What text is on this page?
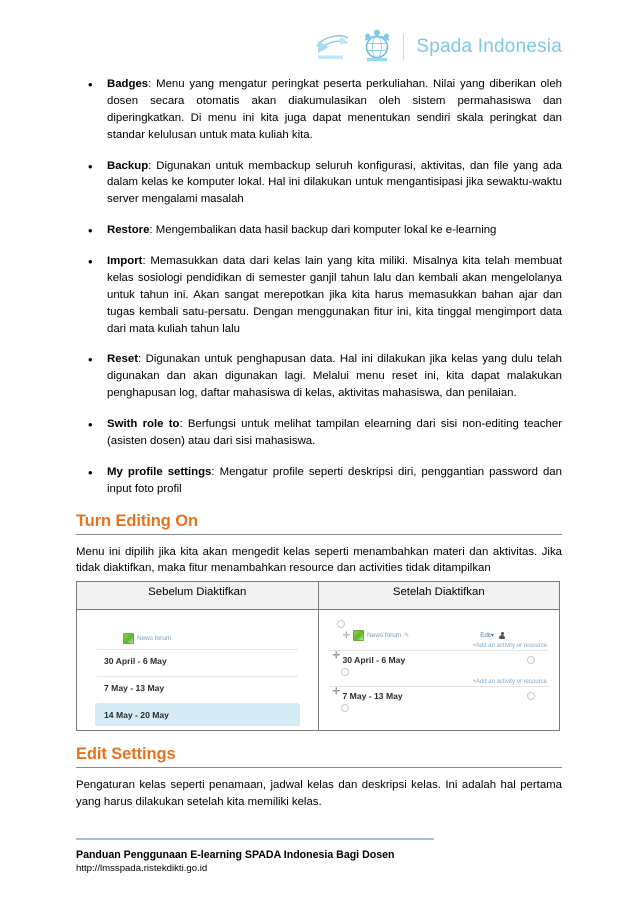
Spada Indonesia
• Badges: Menu yang mengatur peringkat peserta perkuliahan. Nilai yang diberikan oleh dosen secara otomatis akan diakumulasikan oleh sistem permahasiswa dan diperingkatkan. Di menu ini kita juga dapat menentukan sendiri skala peringkat dan standar kelulusan untuk mata kuliah kita.
• Backup: Digunakan untuk membackup seluruh konfigurasi, aktivitas, dan file yang ada dalam kelas ke komputer lokal. Hal ini dilakukan untuk mengantisipasi jika sewaktu-waktu server mengalami masalah
• Restore: Mengembalikan data hasil backup dari komputer lokal ke e-learning
• Import: Memasukkan data dari kelas lain yang kita miliki. Misalnya kita telah membuat kelas sosiologi pendidikan di semester ganjil tahun lalu dan kembali akan mengelolanya untuk tahun ini. Akan sangat merepotkan jika kita harus memasukkan bahan ajar dan tugas kembali satu-persatu. Dengan menggunakan fitur ini, kita tinggal mengimport data dari mata kuliah tahun lalu
• Reset: Digunakan untuk penghapusan data. Hal ini dilakukan jika kelas yang dulu telah digunakan dan akan digunakan lagi. Melalui menu reset ini, kita dapat malakukan penghapusan log, daftar mahasiswa di kelas, aktivitas mahasiswa, dan penilaian.
• Swith role to: Berfungsi untuk melihat tampilan elearning dari sisi non-editing teacher (asisten dosen) atau dari sisi mahasiswa.
• My profile settings: Mengatur profile seperti deskripsi diri, penggantian password dan input foto profil
Turn Editing On

Menu ini dipilih jika kita akan mengedit kelas seperti menambahkan materi dan aktivitas. Jika tidak diaktifkan, maka fitur menambahkan resource dan activities tidak ditampilkan

Sebelum Diaktifkan	Setelah Diaktifkan

News forum
30 April - 6 May
7 May - 13 May
14 May - 20 May

✛	News forum ✎	Edit▾
+Add an activity or resource
✛ 30 April - 6 May
+Add an activity or resource
✛ 7 May - 13 May
Edit Settings

Pengaturan kelas seperti penamaan, jadwal kelas dan deskripsi kelas. Ini adalah hal pertama yang harus dilakukan setelah kita memiliki kelas.

Panduan Penggunaan E-learning SPADA Indonesia Bagi Dosen
http://lmsspada.ristekdikti.go.id
